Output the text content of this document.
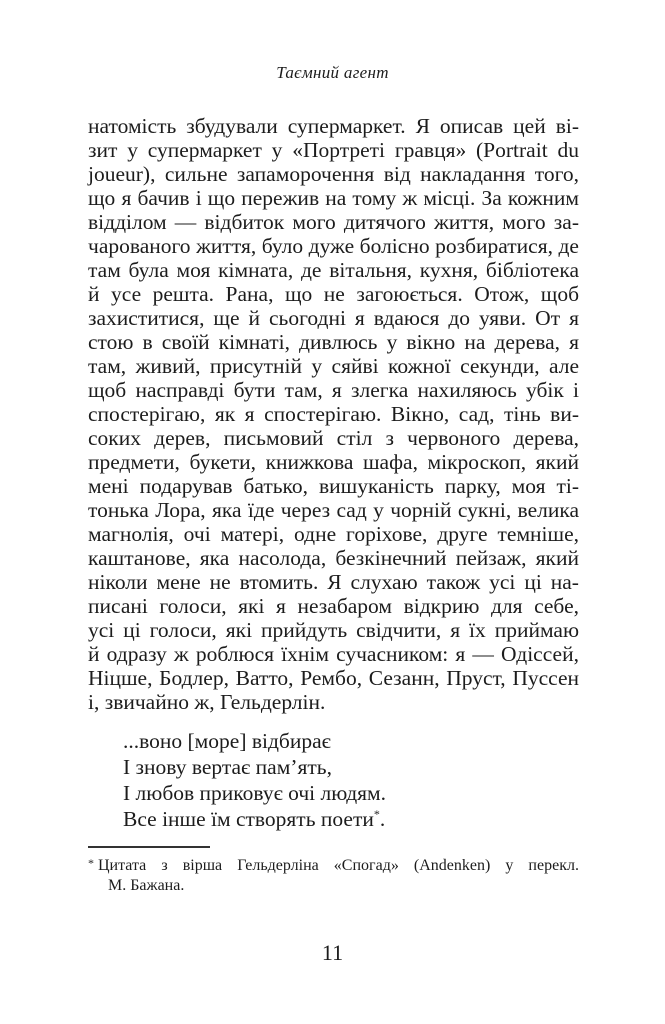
Таємний агент
натомість збудували супермаркет. Я описав цей ві-
зит у супермаркет у «Портреті гравця» (Portrait du
joueur), сильне запаморочення від накладання того,
що я бачив і що пережив на тому ж місці. За кожним
відділом — відбиток мого дитячого життя, мого за-
чарованого життя, було дуже болісно розбиратися, де
там була моя кімната, де вітальня, кухня, бібліотека
й усе решта. Рана, що не загоюється. Отож, щоб
захиститися, ще й сьогодні я вдаюся до уяви. От я
стою в своїй кімнаті, дивлюсь у вікно на дерева, я
там, живий, присутній у сяйві кожної секунди, але
щоб насправді бути там, я злегка нахиляюсь убік і
спостерігаю, як я спостерігаю. Вікно, сад, тінь ви-
соких дерев, письмовий стіл з червоного дерева,
предмети, букети, книжкова шафа, мікроскоп, який
мені подарував батько, вишуканість парку, моя ті-
тонька Лора, яка їде через сад у чорній сукні, велика
магнолія, очі матері, одне горіхове, друге темніше,
каштанове, яка насолода, безкінечний пейзаж, який
ніколи мене не втомить. Я слухаю також усі ці на-
писані голоси, які я незабаром відкрию для себе,
усі ці голоси, які прийдуть свідчити, я їх приймаю
й одразу ж роблюся їхнім сучасником: я — Одіссей,
Ніцше, Бодлер, Ватто, Рембо, Сезанн, Пруст, Пуссен
і, звичайно ж, Гельдерлін.
...воно [море] відбирає
І знову вертає пам’ять,
І любов приковує очі людям.
Все інше їм створять поети*.
* Цитата з вірша Гельдерліна «Спогад» (Andenken) у перекл.
М. Бажана.
11
